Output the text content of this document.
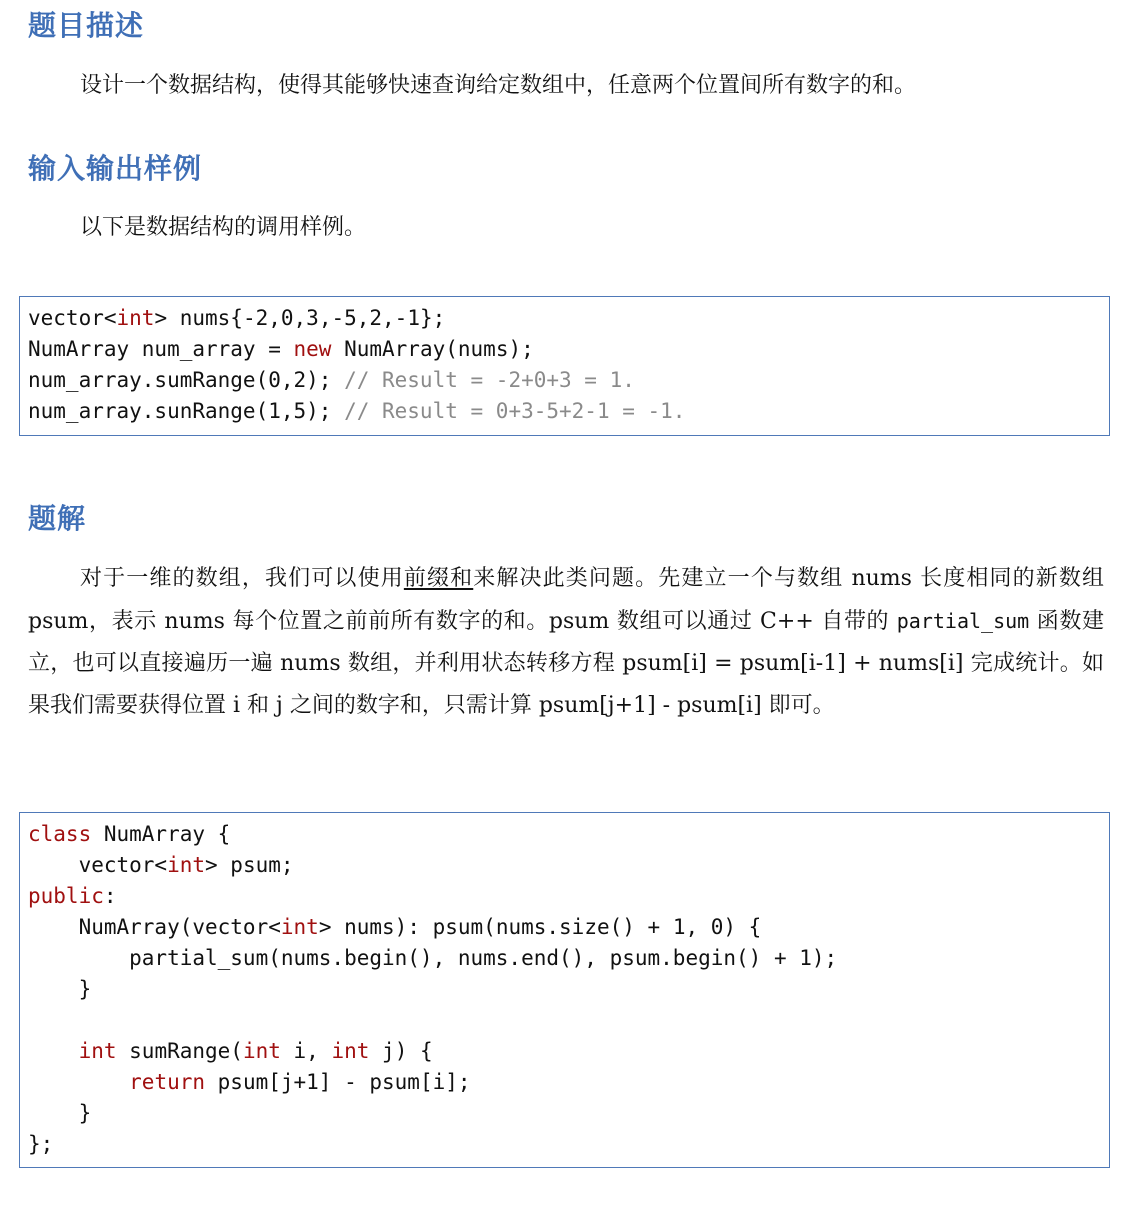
题目描述

设计一个数据结构，使得其能够快速查询给定数组中，任意两个位置间所有数字的和。

输入输出样例

以下是数据结构的调用样例。

vector<int> nums{-2,0,3,-5,2,-1};
NumArray num_array = new NumArray(nums);
num_array.sumRange(0,2); // Result = -2+0+3 = 1.
num_array.sunRange(1,5); // Result = 0+3-5+2-1 = -1.
题解

对于一维的数组，我们可以使用前缀和来解决此类问题。先建立一个与数组 nums 长度相同的新数组 psum，表示 nums 每个位置之前前所有数字的和。psum 数组可以通过 C++ 自带的 partial_sum 函数建立，也可以直接遍历一遍 nums 数组，并利用状态转移方程 psum[i] = psum[i-1] + nums[i] 完成统计。如果我们需要获得位置 i 和 j 之间的数字和，只需计算 psum[j+1] - psum[i] 即可。

class NumArray {
vector<int> psum;
public:
NumArray(vector<int> nums): psum(nums.size() + 1, 0) {
partial_sum(nums.begin(), nums.end(), psum.begin() + 1);
}
int sumRange(int i, int j) {
return psum[j+1] - psum[i];
}
};
